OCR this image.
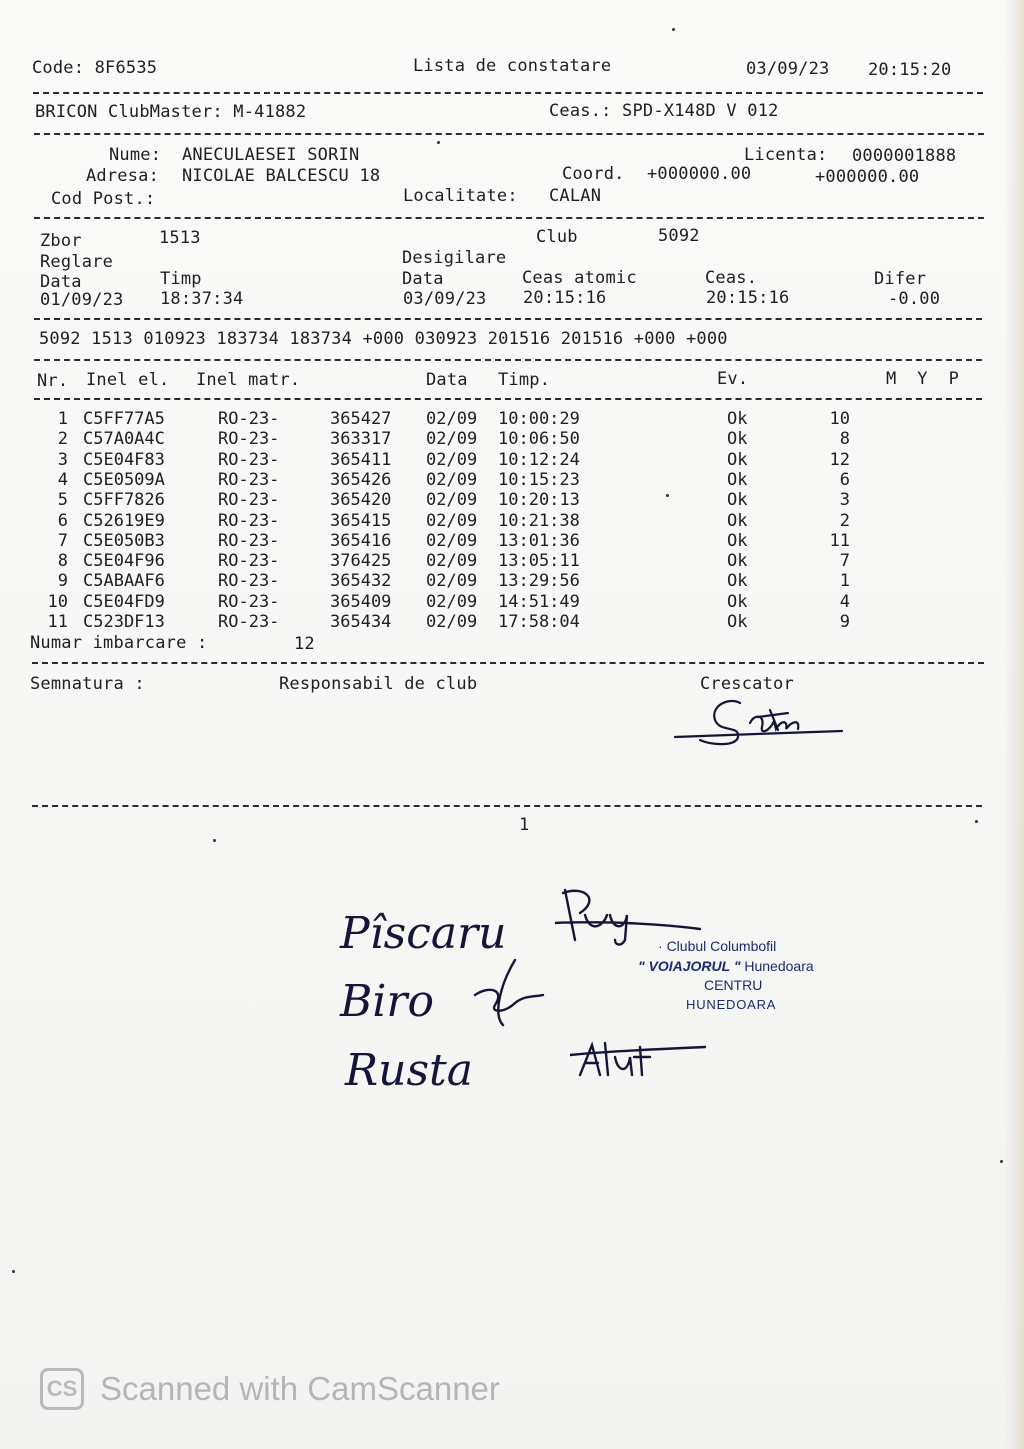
Code: 8F6535	Lista de constatare	03/09/23 20:15:20
BRICON ClubMaster: M-41882	Ceas.: SPD-X148D V 012
Nume: ANECULAESEI SORIN	Licenta: 0000001888
Adresa: NICOLAE BALCESCU 18	Coord. +000000.00	+000000.00
Cod Post.:	Localitate: CALAN
Zbor	1513	Club	5092
Reglare	Desigilare
Data	Timp	Data	Ceas atomic	Ceas.	Difer
01/09/23 18:37:34	03/09/23 20:15:16	20:15:16	-0.00
5092 1513 010923 183734 183734 +000 030923 201516 201516 +000 +000
Nr. Inel el. Inel matr.	Data Timp.	Ev.	M  Y  P
1 C5FF77A5	RO-23-	365427 02/09 10:00:29	Ok	10
2 C57A0A4C	RO-23-	363317 02/09 10:06:50	Ok	8
3 C5E04F83	RO-23-	365411 02/09 10:12:24	Ok	12
4 C5E0509A	RO-23-	365426 02/09 10:15:23	Ok	6
5 C5FF7826	RO-23-	365420 02/09 10:20:13	Ok	3
6 C52619E9	RO-23-	365415 02/09 10:21:38	Ok	2
7 C5E050B3	RO-23-	365416 02/09 13:01:36	Ok	11
8 C5E04F96	RO-23-	376425 02/09 13:05:11	Ok	7
9 C5ABAAF6	RO-23-	365432 02/09 13:29:56	Ok	1
10 C5E04FD9	RO-23-	365409 02/09 14:51:49	Ok	4
11 C523DF13	RO-23-	365434 02/09 17:58:04	Ok	9
Numar imbarcare :	12
Semnatura :	Responsabil de club	Crescator
1
Pîscaru
Biro
Rusta
· Clubul Columbofil
" VOIAJORUL " Hunedoara
CENTRU
HUNEDOARA
CS Scanned with CamScanner
